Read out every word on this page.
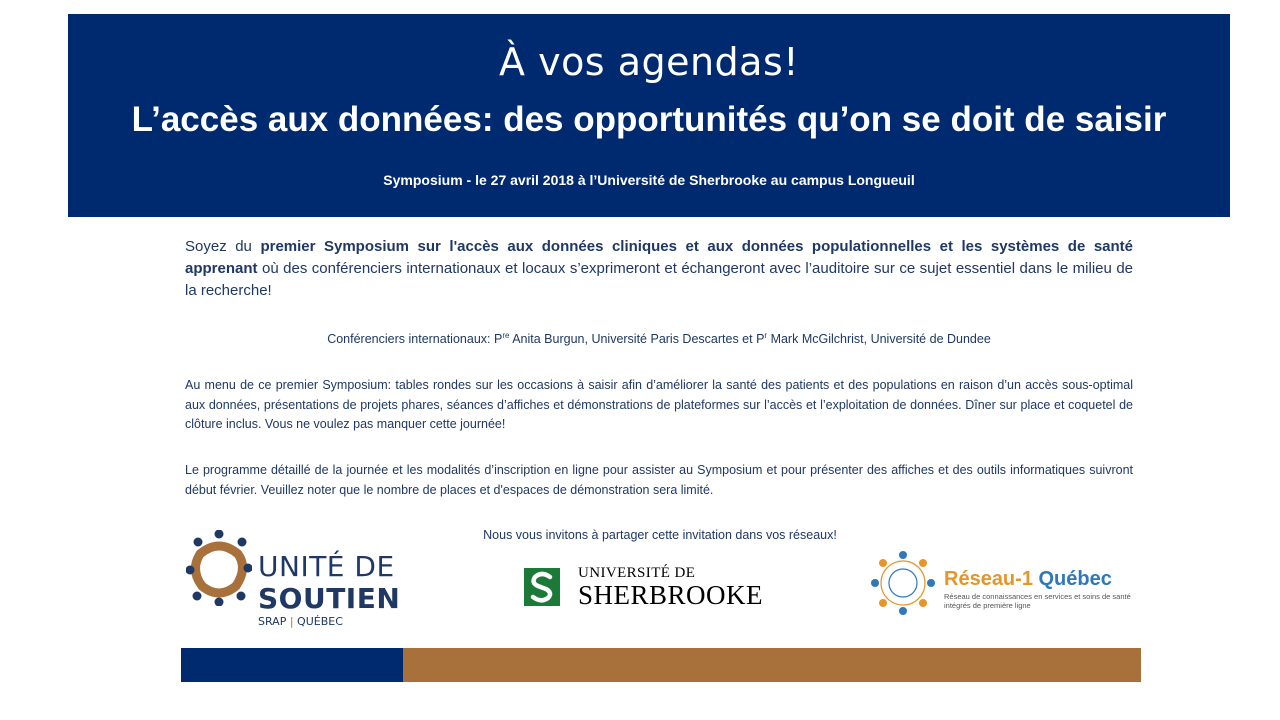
À vos agendas!
L’accès aux données: des opportunités qu’on se doit de saisir
Symposium - le 27 avril 2018 à l’Université de Sherbrooke au campus Longueuil
Soyez du premier Symposium sur l'accès aux données cliniques et aux données populationnelles et les systèmes de santé apprenant où des conférenciers internationaux et locaux s’exprimeront et échangeront avec l’auditoire sur ce sujet essentiel dans le milieu de la recherche!
Conférenciers internationaux: $P^{re}$ Anita Burgun, Université Paris Descartes et $P^r$ Mark McGilchrist, Université de Dundee
Au menu de ce premier Symposium: tables rondes sur les occasions à saisir afin d’améliorer la santé des patients et des populations en raison d’un accès sous-optimal aux données, présentations de projets phares, séances d’affiches et démonstrations de plateformes sur l’accès et l’exploitation de données. Dîner sur place et coquetel de clôture inclus. Vous ne voulez pas manquer cette journée!
Le programme détaillé de la journée et les modalités d’inscription en ligne pour assister au Symposium et pour présenter des affiches et des outils informatiques suivront début février. Veuillez noter que le nombre de places et d'espaces de démonstration sera limité.
Nous vous invitons à partager cette invitation dans vos réseaux!
UNITÉ DE
SOUTIEN
SRAP | QUÉBEC
UNIVERSITÉ DE
SHERBROOKE
Réseau-1 Québec
Réseau de connaissances en services et soins de santé intégrés de première ligne
